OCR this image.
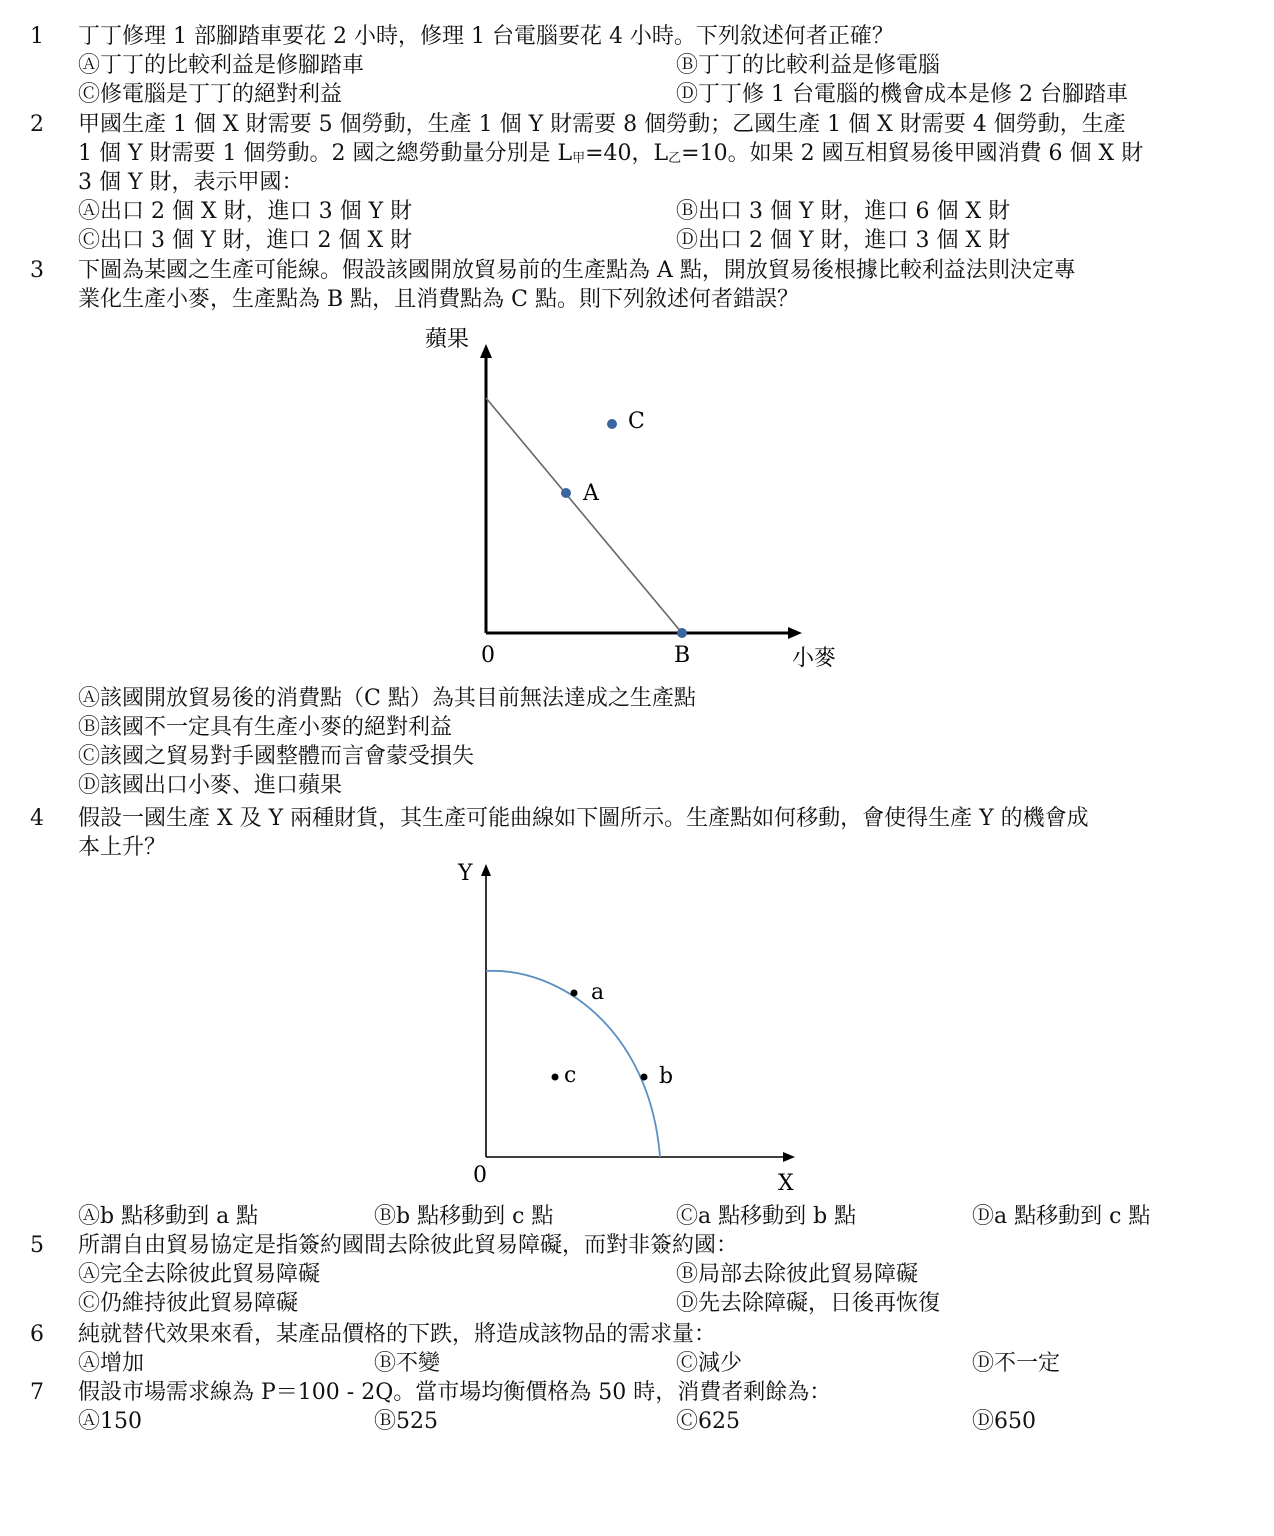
1	丁丁修理 1 部腳踏車要花 2 小時，修理 1 台電腦要花 4 小時。下列敘述何者正確？
Ⓐ丁丁的比較利益是修腳踏車	Ⓑ丁丁的比較利益是修電腦
Ⓒ修電腦是丁丁的絕對利益	Ⓓ丁丁修 1 台電腦的機會成本是修 2 台腳踏車
2	甲國生產 1 個 X 財需要 5 個勞動，生產 1 個 Y 財需要 8 個勞動；乙國生產 1 個 X 財需要 4 個勞動，生產
1 個 Y 財需要 1 個勞動。2 國之總勞動量分別是 L甲=40，L乙=10。如果 2 國互相貿易後甲國消費 6 個 X 財
3 個 Y 財，表示甲國：
Ⓐ出口 2 個 X 財，進口 3 個 Y 財	Ⓑ出口 3 個 Y 財，進口 6 個 X 財
Ⓒ出口 3 個 Y 財，進口 2 個 X 財	Ⓓ出口 2 個 Y 財，進口 3 個 X 財
3	下圖為某國之生產可能線。假設該國開放貿易前的生產點為 A 點，開放貿易後根據比較利益法則決定專
業化生產小麥，生產點為 B 點，且消費點為 C 點。則下列敘述何者錯誤？
蘋果
小麥
0
C
A
B
Y
X
0
a
b
c
Ⓐ該國開放貿易後的消費點（C 點）為其目前無法達成之生產點
Ⓑ該國不一定具有生產小麥的絕對利益
Ⓒ該國之貿易對手國整體而言會蒙受損失
Ⓓ該國出口小麥、進口蘋果
4	假設一國生產 X 及 Y 兩種財貨，其生產可能曲線如下圖所示。生產點如何移動，會使得生產 Y 的機會成
本上升？
Ⓐb 點移動到 a 點	Ⓑb 點移動到 c 點	Ⓒa 點移動到 b 點	Ⓓa 點移動到 c 點
5	所謂自由貿易協定是指簽約國間去除彼此貿易障礙，而對非簽約國：
Ⓐ完全去除彼此貿易障礙	Ⓑ局部去除彼此貿易障礙
Ⓒ仍維持彼此貿易障礙	Ⓓ先去除障礙，日後再恢復
6	純就替代效果來看，某產品價格的下跌，將造成該物品的需求量：
Ⓐ增加	Ⓑ不變	Ⓒ減少	Ⓓ不一定
7	假設市場需求線為 P＝100 - 2Q。當市場均衡價格為 50 時，消費者剩餘為：
Ⓐ150	Ⓑ525	Ⓒ625	Ⓓ650
